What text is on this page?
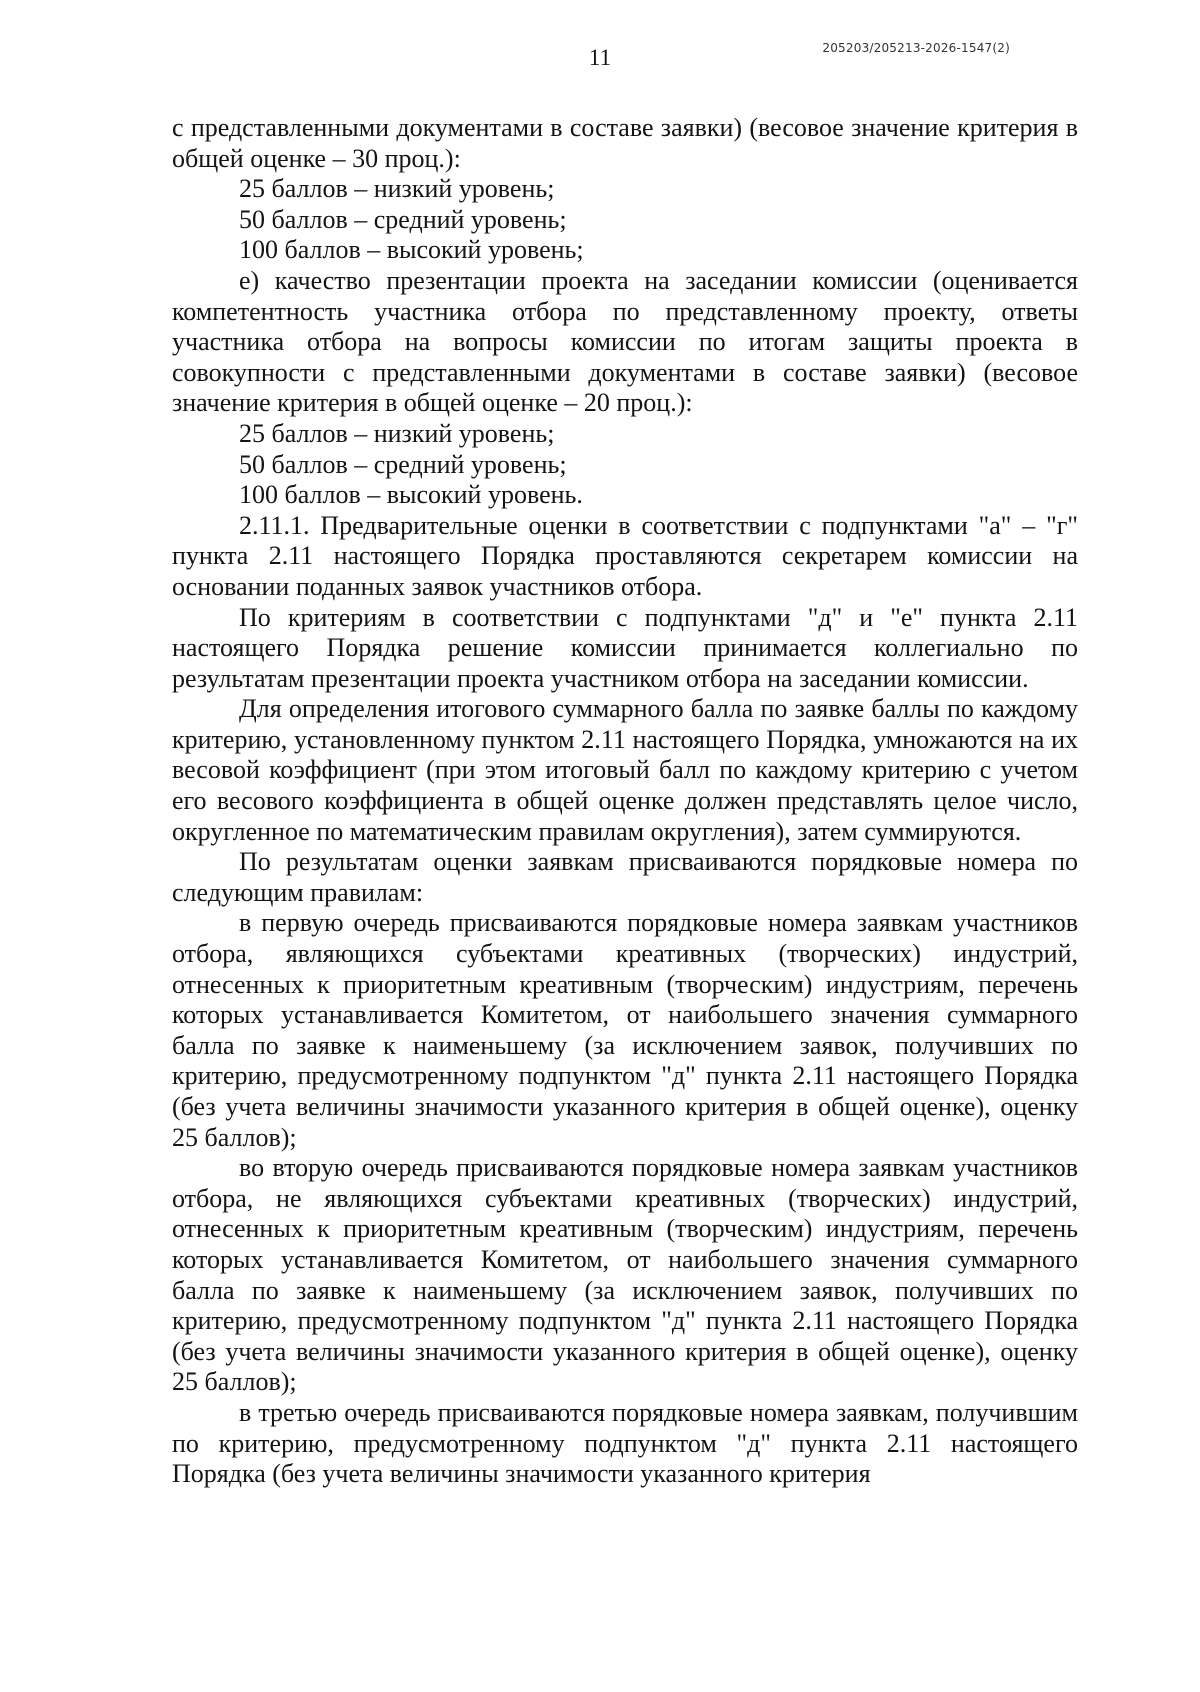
11	205203/205213-2026-1547(2)

с представленными документами в составе заявки) (весовое значение критерия в общей оценке – 30 проц.):

25 баллов – низкий уровень;

50 баллов – средний уровень;

100 баллов – высокий уровень;

е) качество презентации проекта на заседании комиссии (оценивается компетентность участника отбора по представленному проекту, ответы участника отбора на вопросы комиссии по итогам защиты проекта в совокупности с представленными документами в составе заявки) (весовое значение критерия в общей оценке – 20 проц.):

25 баллов – низкий уровень;

50 баллов – средний уровень;

100 баллов – высокий уровень.

2.11.1. Предварительные оценки в соответствии с подпунктами "а" – "г" пункта 2.11 настоящего Порядка проставляются секретарем комиссии на основании поданных заявок участников отбора.

По критериям в соответствии с подпунктами "д" и "е" пункта 2.11 настоящего Порядка решение комиссии принимается коллегиально по результатам презентации проекта участником отбора на заседании комиссии.

Для определения итогового суммарного балла по заявке баллы по каждому критерию, установленному пунктом 2.11 настоящего Порядка, умножаются на их весовой коэффициент (при этом итоговый балл по каждому критерию с учетом его весового коэффициента в общей оценке должен представлять целое число, округленное по математическим правилам округления), затем суммируются.

По результатам оценки заявкам присваиваются порядковые номера по следующим правилам:

в первую очередь присваиваются порядковые номера заявкам участников отбора, являющихся субъектами креативных (творческих) индустрий, отнесенных к приоритетным креативным (творческим) индустриям, перечень которых устанавливается Комитетом, от наибольшего значения суммарного балла по заявке к наименьшему (за исключением заявок, получивших по критерию, предусмотренному подпунктом "д" пункта 2.11 настоящего Порядка (без учета величины значимости указанного критерия в общей оценке), оценку 25 баллов);

во вторую очередь присваиваются порядковые номера заявкам участников отбора, не являющихся субъектами креативных (творческих) индустрий, отнесенных к приоритетным креативным (творческим) индустриям, перечень которых устанавливается Комитетом, от наибольшего значения суммарного балла по заявке к наименьшему (за исключением заявок, получивших по критерию, предусмотренному подпунктом "д" пункта 2.11 настоящего Порядка (без учета величины значимости указанного критерия в общей оценке), оценку 25 баллов);

в третью очередь присваиваются порядковые номера заявкам, получившим по критерию, предусмотренному подпунктом "д" пункта 2.11 настоящего Порядка (без учета величины значимости указанного критерия
